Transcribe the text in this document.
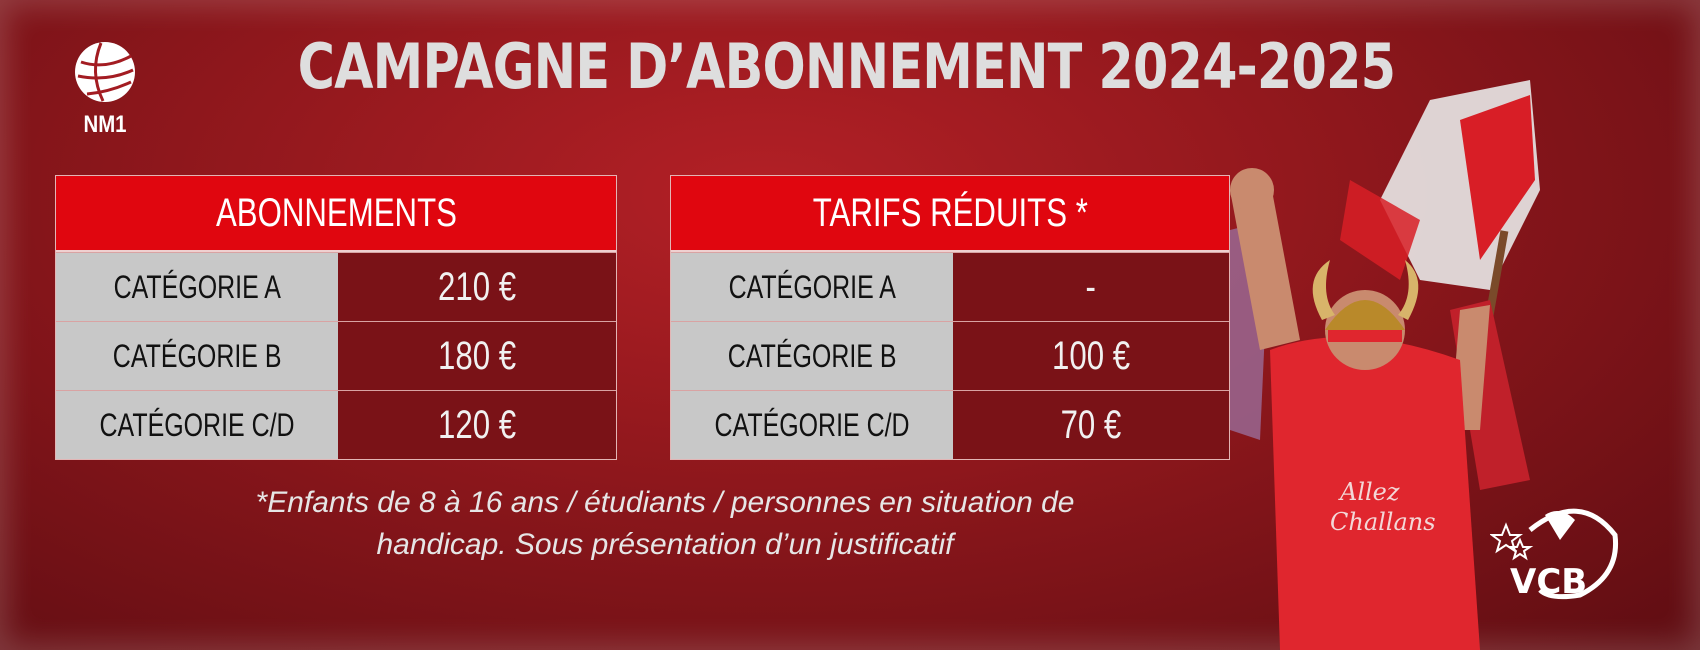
NM1
CAMPAGNE D’ABONNEMENT 2024-2025
ABONNEMENTS
CATÉGORIE A	210 €
CATÉGORIE B	180 €
CATÉGORIE C/D	120 €
TARIFS RÉDUITS *
CATÉGORIE A	-
CATÉGORIE B	100 €
CATÉGORIE C/D	70 €
*Enfants de 8 à 16 ans / étudiants / personnes en situation de
handicap. Sous présentation d’un justificatif
Allez
Challans
VCB
